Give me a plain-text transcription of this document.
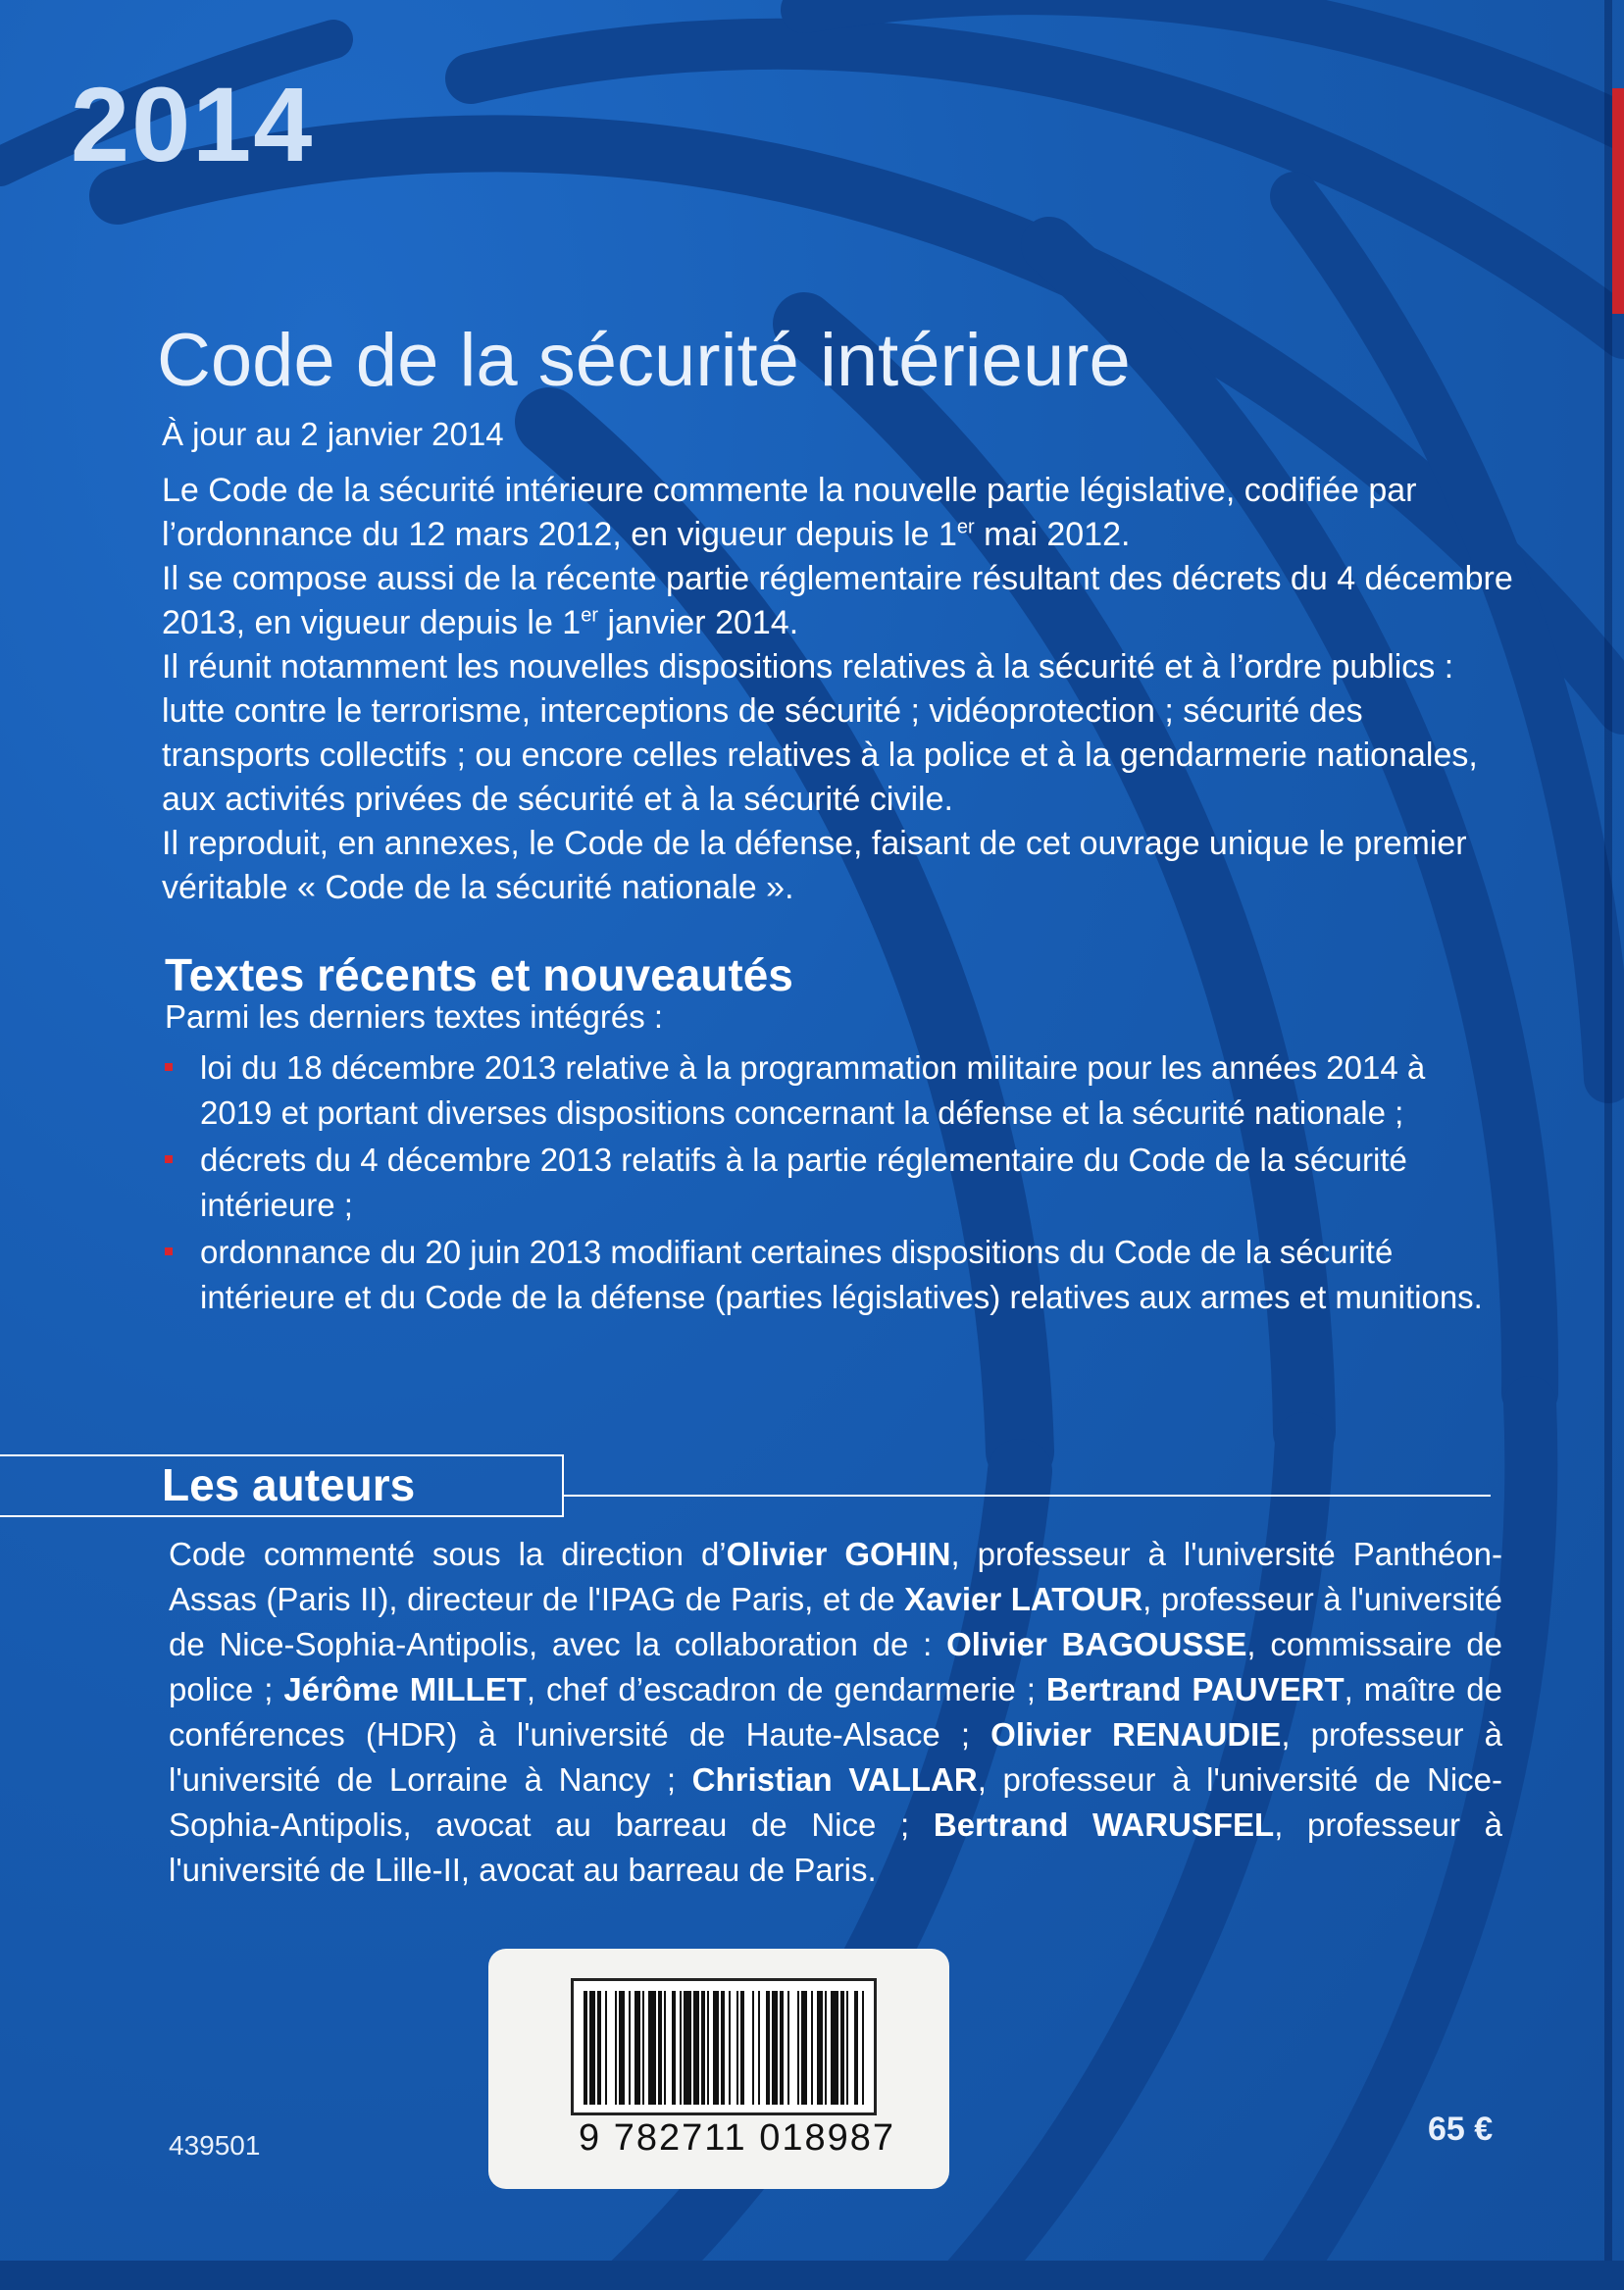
2014
Code de la sécurité intérieure
À jour au 2 janvier 2014

Le Code de la sécurité intérieure commente la nouvelle partie législative, codifiée par l’ordonnance du 12 mars 2012, en vigueur depuis le 1er mai 2012.

Il se compose aussi de la récente partie réglementaire résultant des décrets du 4 décembre 2013, en vigueur depuis le 1er janvier 2014.

Il réunit notamment les nouvelles dispositions relatives à la sécurité et à l’ordre publics : lutte contre le terrorisme, interceptions de sécurité ; vidéoprotection ; sécurité des transports collectifs ; ou encore celles relatives à la police et à la gendarmerie nationales, aux activités privées de sécurité et à la sécurité civile.

Il reproduit, en annexes, le Code de la défense, faisant de cet ouvrage unique le premier véritable « Code de la sécurité nationale ».

Textes récents et nouveautés
Parmi les derniers textes intégrés :
loi du 18 décembre 2013 relative à la programmation militaire pour les années 2014 à 2019 et portant diverses dispositions concernant la défense et la sécurité nationale ;
décrets du 4 décembre 2013 relatifs à la partie réglementaire du Code de la sécurité intérieure ;
ordonnance du 20 juin 2013 modifiant certaines dispositions du Code de la sécurité intérieure et du Code de la défense (parties législatives) relatives aux armes et munitions.
Les auteurs
Code commenté sous la direction d’Olivier GOHIN, professeur à l'université Panthéon-Assas (Paris II), directeur de l'IPAG de Paris, et de Xavier LATOUR, professeur à l'université de Nice-Sophia-Antipolis, avec la collaboration de : Olivier BAGOUSSE, commissaire de police ; Jérôme MILLET, chef d’escadron de gendarmerie ; Bertrand PAUVERT, maître de conférences (HDR) à l'université de Haute-Alsace ; Olivier RENAUDIE, professeur à l'université de Lorraine à Nancy ; Christian VALLAR, professeur à l'université de Nice-Sophia-Antipolis, avocat au barreau de Nice ; Bertrand WARUSFEL, professeur à l'université de Lille-II, avocat au barreau de Paris.
9 782711 018987
439501	65 €
